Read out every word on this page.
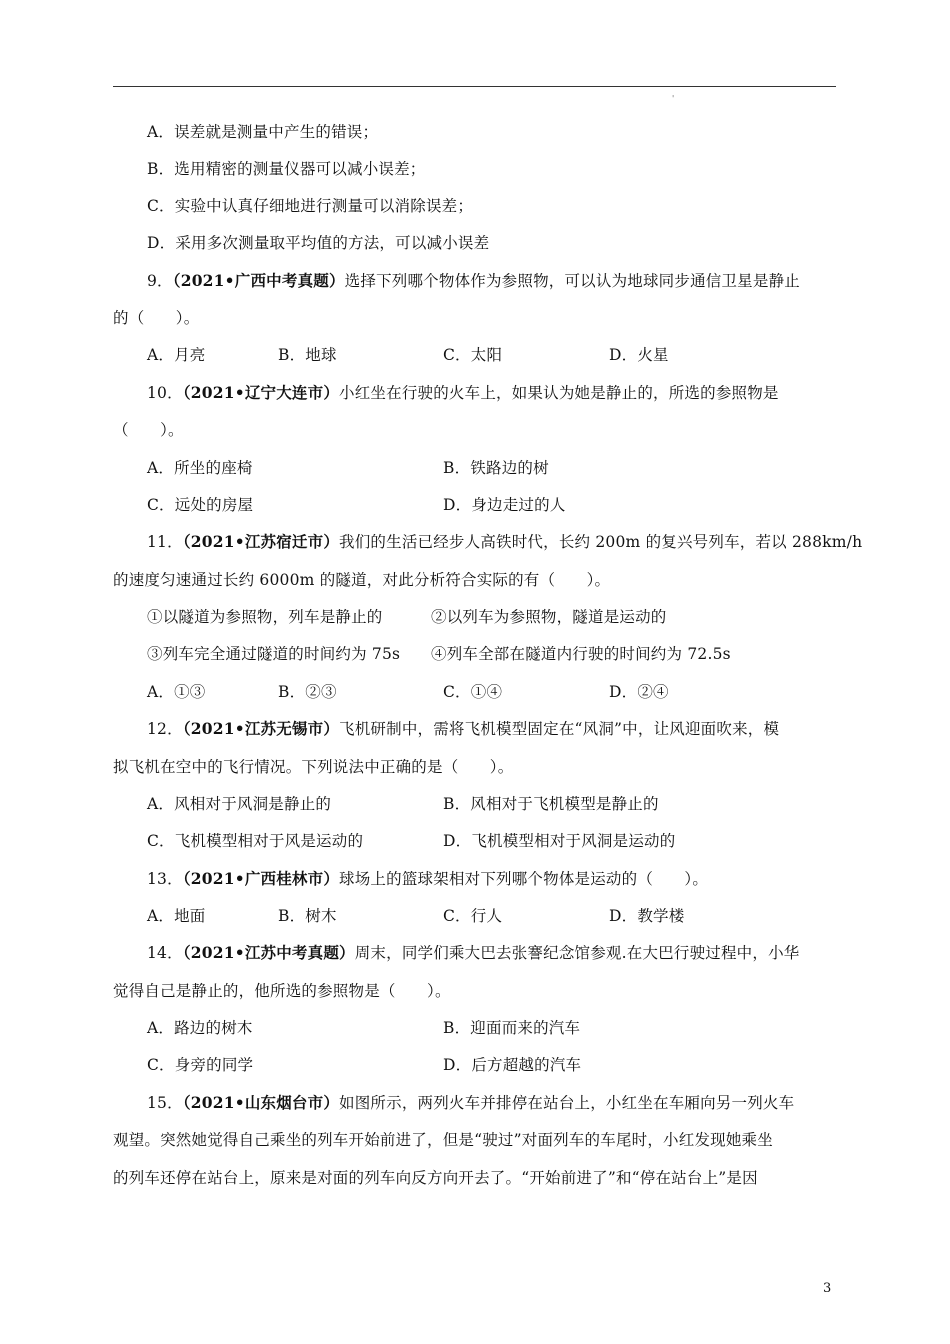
'
A．误差就是测量中产生的错误；
B．选用精密的测量仪器可以减小误差；
C．实验中认真仔细地进行测量可以消除误差；
D．采用多次测量取平均值的方法，可以减小误差
9．（2021•广西中考真题）选择下列哪个物体作为参照物，可以认为地球同步通信卫星是静止
的（　　）。
A．月亮	B．地球	C．太阳	D．火星
10．（2021•辽宁大连市）小红坐在行驶的火车上，如果认为她是静止的，所选的参照物是
（　　）。
A．所坐的座椅	B．铁路边的树
C．远处的房屋	D．身边走过的人
11．（2021•江苏宿迁市）我们的生活已经步人高铁时代，长约 200m 的复兴号列车，若以 288km/h
的速度匀速通过长约 6000m 的隧道，对此分析符合实际的有（　　）。
①以隧道为参照物，列车是静止的	②以列车为参照物，隧道是运动的
③列车完全通过隧道的时间约为 75s ④列车全部在隧道内行驶的时间约为 72.5s
A．①③	B．②③	C．①④	D．②④
12．（2021•江苏无锡市）飞机研制中，需将飞机模型固定在“风洞”中，让风迎面吹来，模
拟飞机在空中的飞行情况。下列说法中正确的是（　　）。
A．风相对于风洞是静止的	B．风相对于飞机模型是静止的
C．飞机模型相对于风是运动的	D．飞机模型相对于风洞是运动的
13．（2021•广西桂林市）球场上的篮球架相对下列哪个物体是运动的（　　）。
A．地面	B．树木	C．行人	D．教学楼
14．（2021•江苏中考真题）周末，同学们乘大巴去张謇纪念馆参观.在大巴行驶过程中，小华
觉得自己是静止的，他所选的参照物是（　　）。
A．路边的树木	B．迎面而来的汽车
C．身旁的同学	D．后方超越的汽车
15．（2021•山东烟台市）如图所示，两列火车并排停在站台上，小红坐在车厢向另一列火车
观望。突然她觉得自己乘坐的列车开始前进了，但是“驶过”对面列车的车尾时，小红发现她乘坐
的列车还停在站台上，原来是对面的列车向反方向开去了。“开始前进了”和“停在站台上”是因
3
